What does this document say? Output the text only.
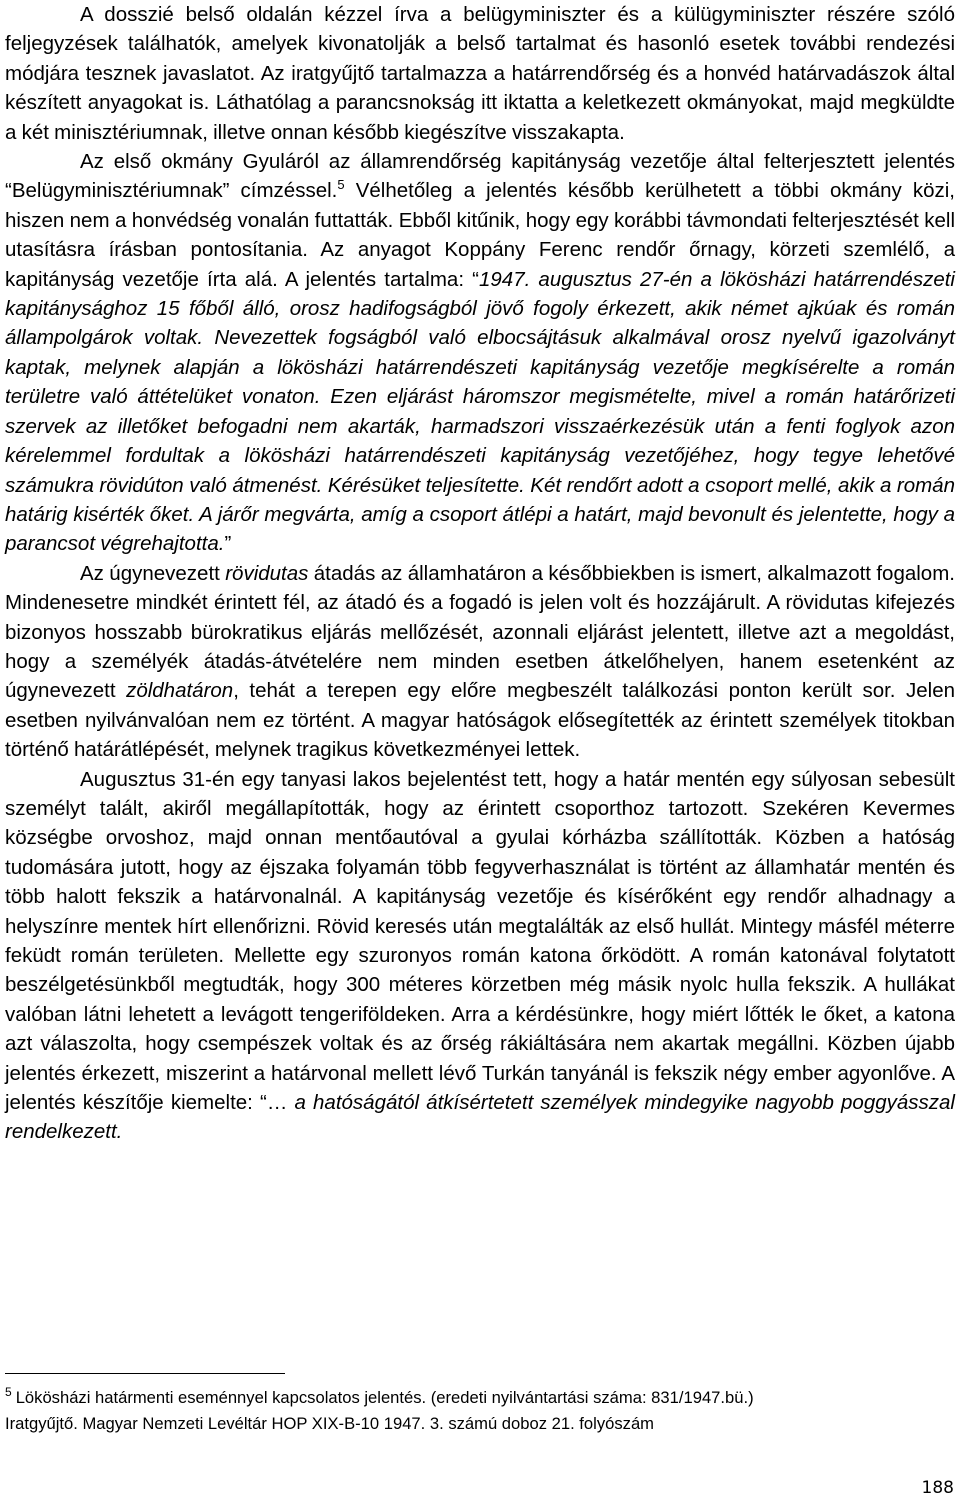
A dosszié belső oldalán kézzel írva a belügyminiszter és a külügyminiszter részére szóló feljegyzések találhatók, amelyek kivonatolják a belső tartalmat és hasonló esetek további rendezési módjára tesznek javaslatot. Az iratgyűjtő tartalmazza a határrendőrség és a honvéd határvadászok által készített anyagokat is. Láthatólag a parancsnokság itt iktatta a keletkezett okmányokat, majd megküldte a két minisztériumnak, illetve onnan később kiegészítve visszakapta.

Az első okmány Gyuláról az államrendőrség kapitányság vezetője által felterjesztett jelentés “Belügyminisztériumnak” címzéssel.$^5$ Vélhetőleg a jelentés később kerülhetett a többi okmány közi, hiszen nem a honvédség vonalán futtatták. Ebből kitűnik, hogy egy korábbi távmondati felterjesztését kell utasításra írásban pontosítania. Az anyagot Koppány Ferenc rendőr őrnagy, körzeti szemlélő, a kapitányság vezetője írta alá. A jelentés tartalma: “1947. augusztus 27-én a lökösházi határrendészeti kapitánysághoz 15 főből álló, orosz hadifogságból jövő fogoly érkezett, akik német ajkúak és román állampolgárok voltak. Nevezettek fogságból való elbocsájtásuk alkalmával orosz nyelvű igazolványt kaptak, melynek alapján a lökösházi határrendészeti kapitányság vezetője megkísérelte a román területre való áttételüket vonaton. Ezen eljárást háromszor megismételte, mivel a román határőrizeti szervek az illetőket befogadni nem akarták, harmadszori visszaérkezésük után a fenti foglyok azon kérelemmel fordultak a lökösházi határrendészeti kapitányság vezetőjéhez, hogy tegye lehetővé számukra rövidúton való átmenést. Kérésüket teljesítette. Két rendőrt adott a csoport mellé, akik a román határig kisérték őket. A járőr megvárta, amíg a csoport átlépi a határt, majd bevonult és jelentette, hogy a parancsot végrehajtotta.”

Az úgynevezett rövidutas átadás az államhatáron a későbbiekben is ismert, alkalmazott fogalom. Mindenesetre mindkét érintett fél, az átadó és a fogadó is jelen volt és hozzájárult. A rövidutas kifejezés bizonyos hosszabb bürokratikus eljárás mellőzését, azonnali eljárást jelentett, illetve azt a megoldást, hogy a személyék átadás-átvételére nem minden esetben átkelőhelyen, hanem esetenként az úgynevezett zöldhatáron, tehát a terepen egy előre megbeszélt találkozási ponton került sor. Jelen esetben nyilvánvalóan nem ez történt. A magyar hatóságok elősegítették az érintett személyek titokban történő határátlépését, melynek tragikus következményei lettek.

Augusztus 31-én egy tanyasi lakos bejelentést tett, hogy a határ mentén egy súlyosan sebesült személyt talált, akiről megállapították, hogy az érintett csoporthoz tartozott. Szekéren Kevermes községbe orvoshoz, majd onnan mentőautóval a gyulai kórházba szállították. Közben a hatóság tudomására jutott, hogy az éjszaka folyamán több fegyverhasználat is történt az államhatár mentén és több halott fekszik a határvonalnál. A kapitányság vezetője és kísérőként egy rendőr alhadnagy a helyszínre mentek hírt ellenőrizni. Rövid keresés után megtalálták az első hullát. Mintegy másfél méterre feküdt román területen. Mellette egy szuronyos román katona őrködött. A román katonával folytatott beszélgetésünkből megtudták, hogy 300 méteres körzetben még másik nyolc hulla fekszik. A hullákat valóban látni lehetett a levágott tengeriföldeken. Arra a kérdésünkre, hogy miért lőtték le őket, a katona azt válaszolta, hogy csempészek voltak és az őrség rákiáltására nem akartak megállni. Közben újabb jelentés érkezett, miszerint a határvonal mellett lévő Turkán tanyánál is fekszik négy ember agyonlőve. A jelentés készítője kiemelte: “… a hatóságától átkísértetett személyek mindegyike nagyobb poggyásszal rendelkezett.

$^5$ Lökösházi határmenti eseménnyel kapcsolatos jelentés. (eredeti nyilvántartási száma: 831/1947.bü.)
Iratgyűjtő. Magyar Nemzeti Levéltár HOP XIX-B-10 1947. 3. számú doboz 21. folyószám
188
